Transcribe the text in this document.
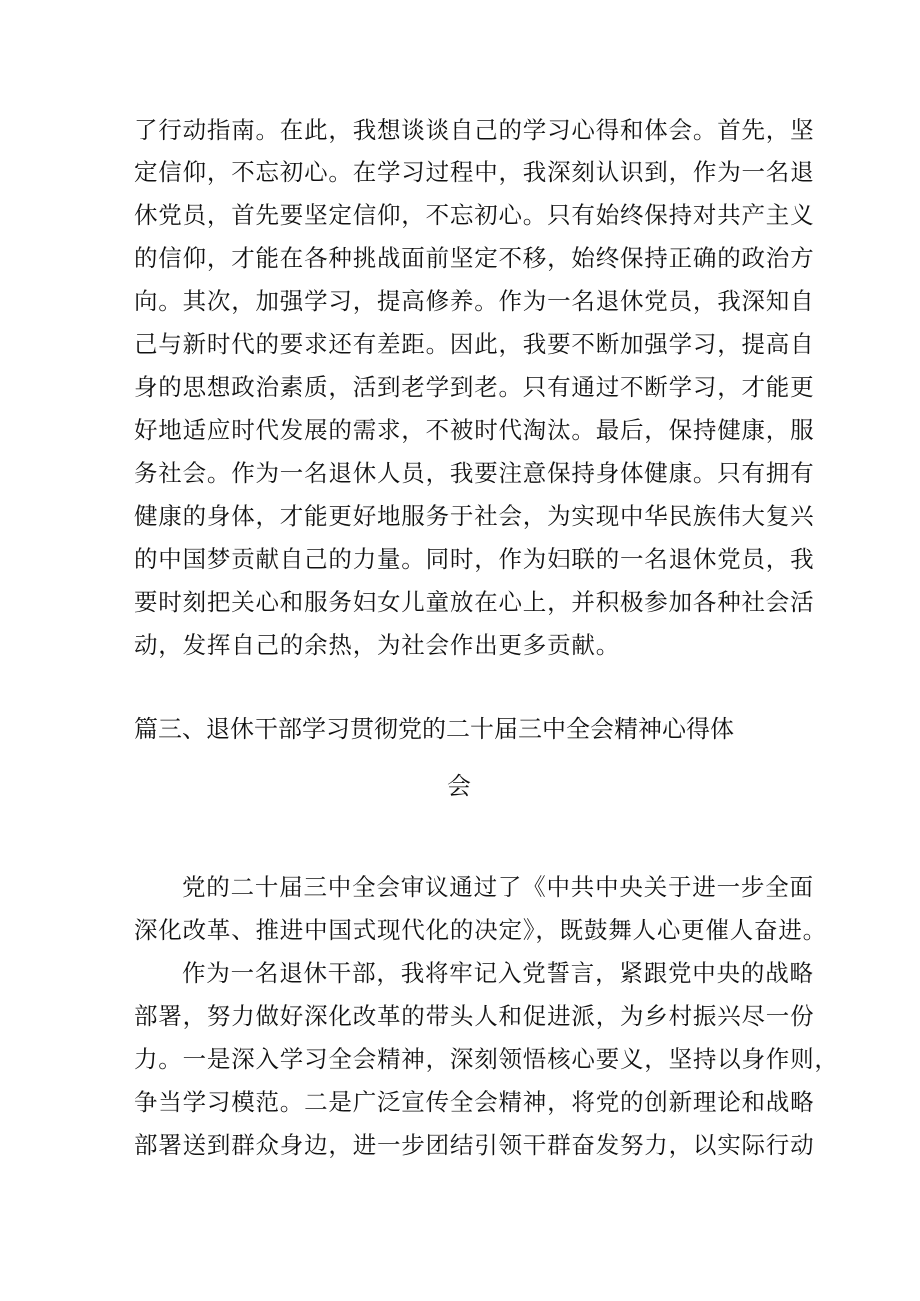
了行动指南。在此，我想谈谈自己的学习心得和体会。首先，坚
定信仰，不忘初心。在学习过程中，我深刻认识到，作为一名退
休党员，首先要坚定信仰，不忘初心。只有始终保持对共产主义
的信仰，才能在各种挑战面前坚定不移，始终保持正确的政治方
向。其次，加强学习，提高修养。作为一名退休党员，我深知自
己与新时代的要求还有差距。因此，我要不断加强学习，提高自
身的思想政治素质，活到老学到老。只有通过不断学习，才能更
好地适应时代发展的需求，不被时代淘汰。最后，保持健康，服
务社会。作为一名退休人员，我要注意保持身体健康。只有拥有
健康的身体，才能更好地服务于社会，为实现中华民族伟大复兴
的中国梦贡献自己的力量。同时，作为妇联的一名退休党员，我
要时刻把关心和服务妇女儿童放在心上，并积极参加各种社会活
动，发挥自己的余热，为社会作出更多贡献。
篇三、退休干部学习贯彻党的二十届三中全会精神心得体
会
党的二十届三中全会审议通过了《中共中央关于进一步全面
深化改革、推进中国式现代化的决定》，既鼓舞人心更催人奋进。
作为一名退休干部，我将牢记入党誓言，紧跟党中央的战略
部署，努力做好深化改革的带头人和促进派，为乡村振兴尽一份
力。一是深入学习全会精神，深刻领悟核心要义，坚持以身作则，
争当学习模范。二是广泛宣传全会精神，将党的创新理论和战略
部署送到群众身边，进一步团结引领干群奋发努力，以实际行动
